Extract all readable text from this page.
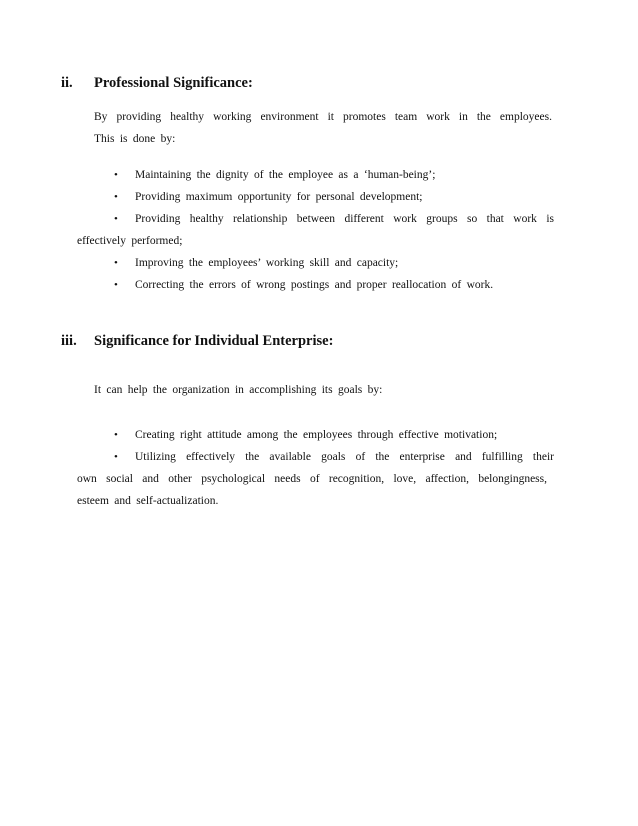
ii. Professional Significance:
By providing healthy working environment it promotes team work in the employees.
This is done by:
• Maintaining the dignity of the employee as a ‘human-being’;
• Providing maximum opportunity for personal development;
• Providing healthy relationship between different work groups so that work is
effectively performed;
• Improving the employees’ working skill and capacity;
• Correcting the errors of wrong postings and proper reallocation of work.
iii. Significance for Individual Enterprise:
It can help the organization in accomplishing its goals by:
• Creating right attitude among the employees through effective motivation;
• Utilizing effectively the available goals of the enterprise and fulfilling their
own social and other psychological needs of recognition, love, affection, belongingness,
esteem and self-actualization.
